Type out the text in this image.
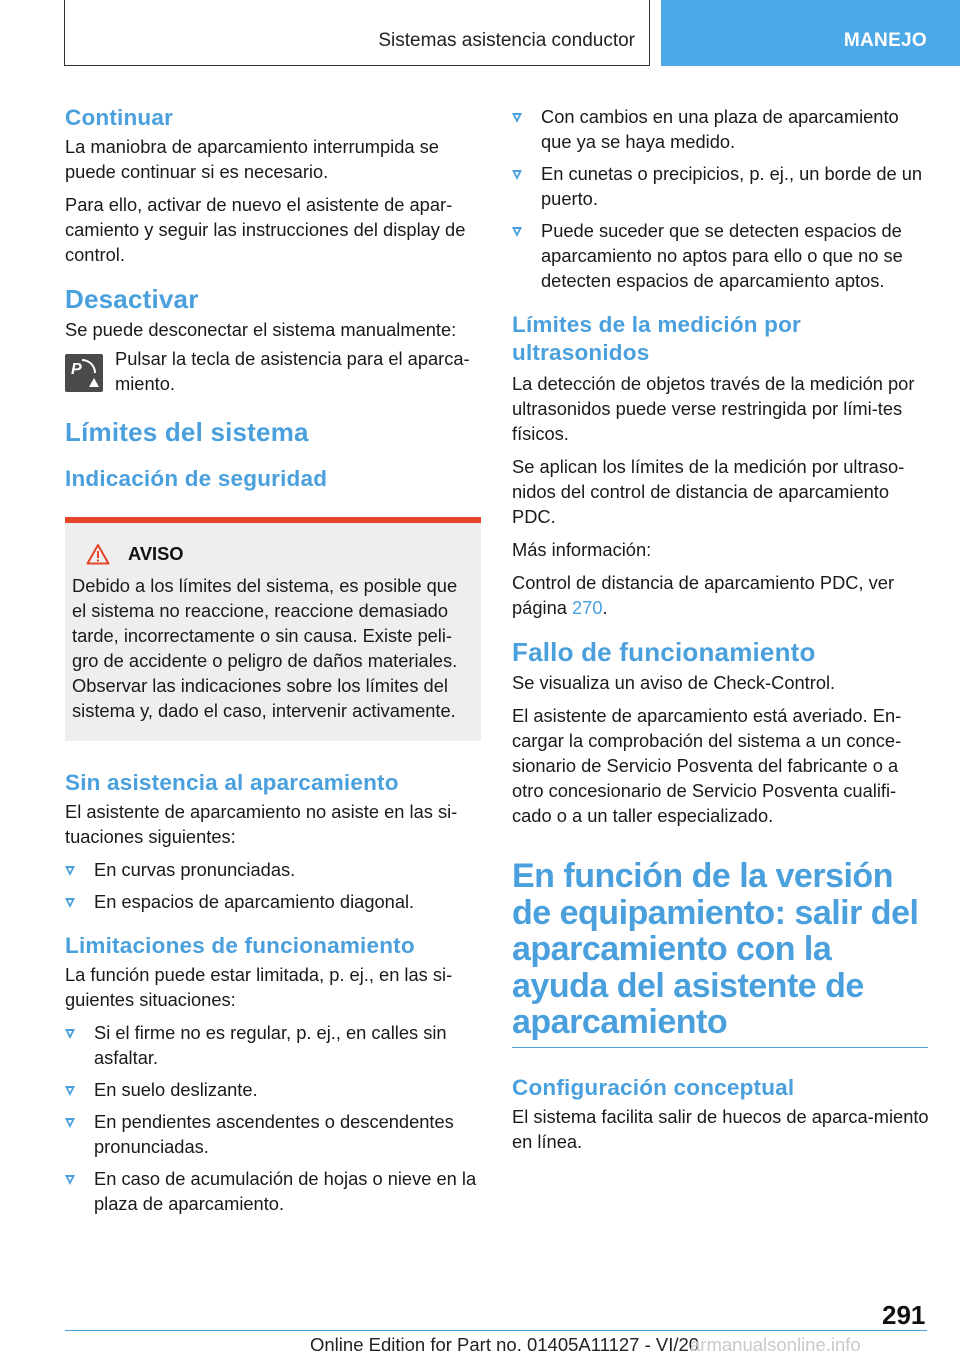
Sistemas asistencia conductor	MANEJO
Continuar

La maniobra de aparcamiento interrumpida se puede continuar si es necesario.

Para ello, activar de nuevo el asistente de apar-camiento y seguir las instrucciones del display de control.

Desactivar

Se puede desconectar el sistema manualmente:

P

Pulsar la tecla de asistencia para el aparca-miento.

Límites del sistema
Indicación de seguridad
AVISO

Debido a los límites del sistema, es posible que el sistema no reaccione, reaccione demasiado tarde, incorrectamente o sin causa. Existe peli-gro de accidente o peligro de daños materiales. Observar las indicaciones sobre los límites del sistema y, dado el caso, intervenir activamente.

Sin asistencia al aparcamiento

El asistente de aparcamiento no asiste en las si-tuaciones siguientes:

En curvas pronunciadas.
En espacios de aparcamiento diagonal.
Limitaciones de funcionamiento

La función puede estar limitada, p. ej., en las si-guientes situaciones:

Si el firme no es regular, p. ej., en calles sin asfaltar.
En suelo deslizante.
En pendientes ascendentes o descendentes pronunciadas.
En caso de acumulación de hojas o nieve en la plaza de aparcamiento.
Con cambios en una plaza de aparcamiento que ya se haya medido.
En cunetas o precipicios, p. ej., un borde de un puerto.
Puede suceder que se detecten espacios de aparcamiento no aptos para ello o que no se detecten espacios de aparcamiento aptos.
Límites de la medición por ultrasonidos

La detección de objetos través de la medición por ultrasonidos puede verse restringida por lími-tes físicos.

Se aplican los límites de la medición por ultraso-nidos del control de distancia de aparcamiento PDC.

Más información:

Control de distancia de aparcamiento PDC, ver página 270.

Fallo de funcionamiento

Se visualiza un aviso de Check-Control.

El asistente de aparcamiento está averiado. En-cargar la comprobación del sistema a un conce-sionario de Servicio Posventa del fabricante o a otro concesionario de Servicio Posventa cualifi-cado o a un taller especializado.

En función de la versión de equipamiento: salir del aparcamiento con la ayuda del asistente de aparcamiento
Configuración conceptual

El sistema facilita salir de huecos de aparca-miento en línea.

291
Online Edition for Part no. 01405A11127 - VI/20
armanualsonline.info
